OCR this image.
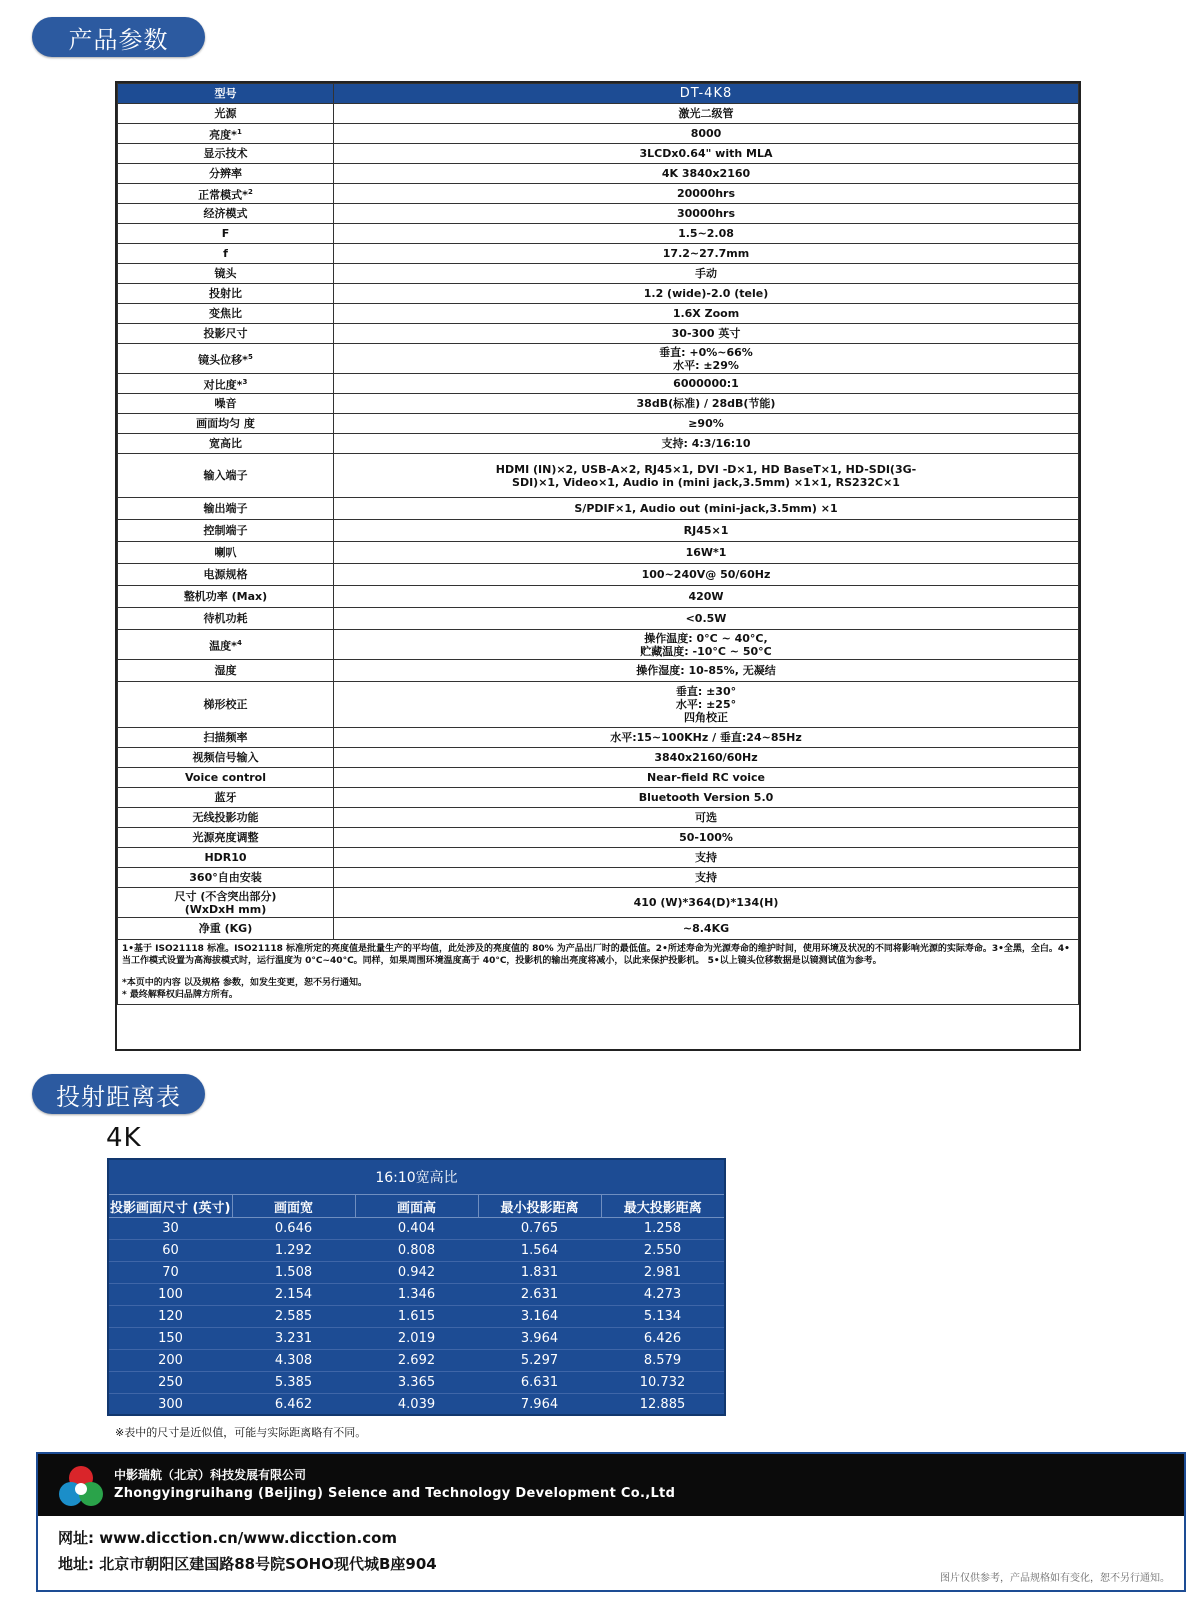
产品参数
型号	DT-4K8
光源	激光二级管
亮度*$^1$	8000
显示技术	3LCDx0.64" with MLA
分辨率	4K 3840x2160
正常模式*$^2$	20000hrs
经济模式	30000hrs
F	1.5~2.08
f	17.2~27.7mm
镜头	手动
投射比	1.2 (wide)-2.0 (tele)
变焦比	1.6X Zoom
投影尺寸	30-300 英寸
镜头位移*$^5$	垂直: +0%~66%
水平: ±29%
对比度*$^3$	6000000:1
噪音	38dB(标准) / 28dB(节能)
画面均匀 度	≥90%
宽高比	支持: 4:3/16:10
输入端子	HDMI (IN)×2, USB-A×2, RJ45×1, DVI -D×1, HD BaseT×1, HD-SDI(3G-
SDI)×1, Video×1, Audio in (mini jack,3.5mm) ×1×1, RS232C×1
输出端子	S/PDIF×1, Audio out (mini-jack,3.5mm) ×1
控制端子	RJ45×1
喇叭	16W*1
电源规格	100~240V@ 50/60Hz
整机功率 (Max)	420W
待机功耗	<0.5W
温度*$^4$	操作温度: 0°C ~ 40°C,
贮藏温度: -10°C ~ 50°C
湿度	操作湿度: 10-85%, 无凝结
梯形校正	垂直: ±30°
水平: ±25°
四角校正
扫描频率	水平:15~100KHz / 垂直:24~85Hz
视频信号输入	3840x2160/60Hz
Voice control	Near-field RC voice
蓝牙	Bluetooth Version 5.0
无线投影功能	可选
光源亮度调整	50-100%
HDR10	支持
360°自由安装	支持
尺寸 (不含突出部分)
(WxDxH mm)	410 (W)*364(D)*134(H)
净重 (KG)	~8.4KG

1•基于 ISO21118 标准。ISO21118 标准所定的亮度值是批量生产的平均值，此处涉及的亮度值的 80% 为产品出厂时的最低值。2•所述寿命为光源寿命的维护时间，使用环境及状况的不同将影响光源的实际寿命。3•全黑，全白。4•当工作模式设置为高海拔模式时，运行温度为 0°C~40°C。同样，如果周围环境温度高于 40°C，投影机的输出亮度将减小，以此来保护投影机。 5•以上镜头位移数据是以镜测试值为参考。

*本页中的内容 以及规格 参数，如发生变更，恕不另行通知。

* 最终解释权归品牌方所有。	

投射距离表
4K
16:10宽高比				
投影画面尺寸 (英寸)	画面宽	画面高	最小投影距离	最大投影距离
30	0.646	0.404	0.765	1.258
60	1.292	0.808	1.564	2.550
70	1.508	0.942	1.831	2.981
100	2.154	1.346	2.631	4.273
120	2.585	1.615	3.164	5.134
150	3.231	2.019	3.964	6.426
200	4.308	2.692	5.297	8.579
250	5.385	3.365	6.631	10.732
300	6.462	4.039	7.964	12.885
※表中的尺寸是近似值，可能与实际距离略有不同。
中影瑞航（北京）科技发展有限公司
Zhongyingruihang (Beijing) Seience and Technology Development Co.,Ltd
网址: www.dicction.cn/www.dicction.com
地址: 北京市朝阳区建国路88号院SOHO现代城B座904
图片仅供参考，产品规格如有变化，恕不另行通知。
